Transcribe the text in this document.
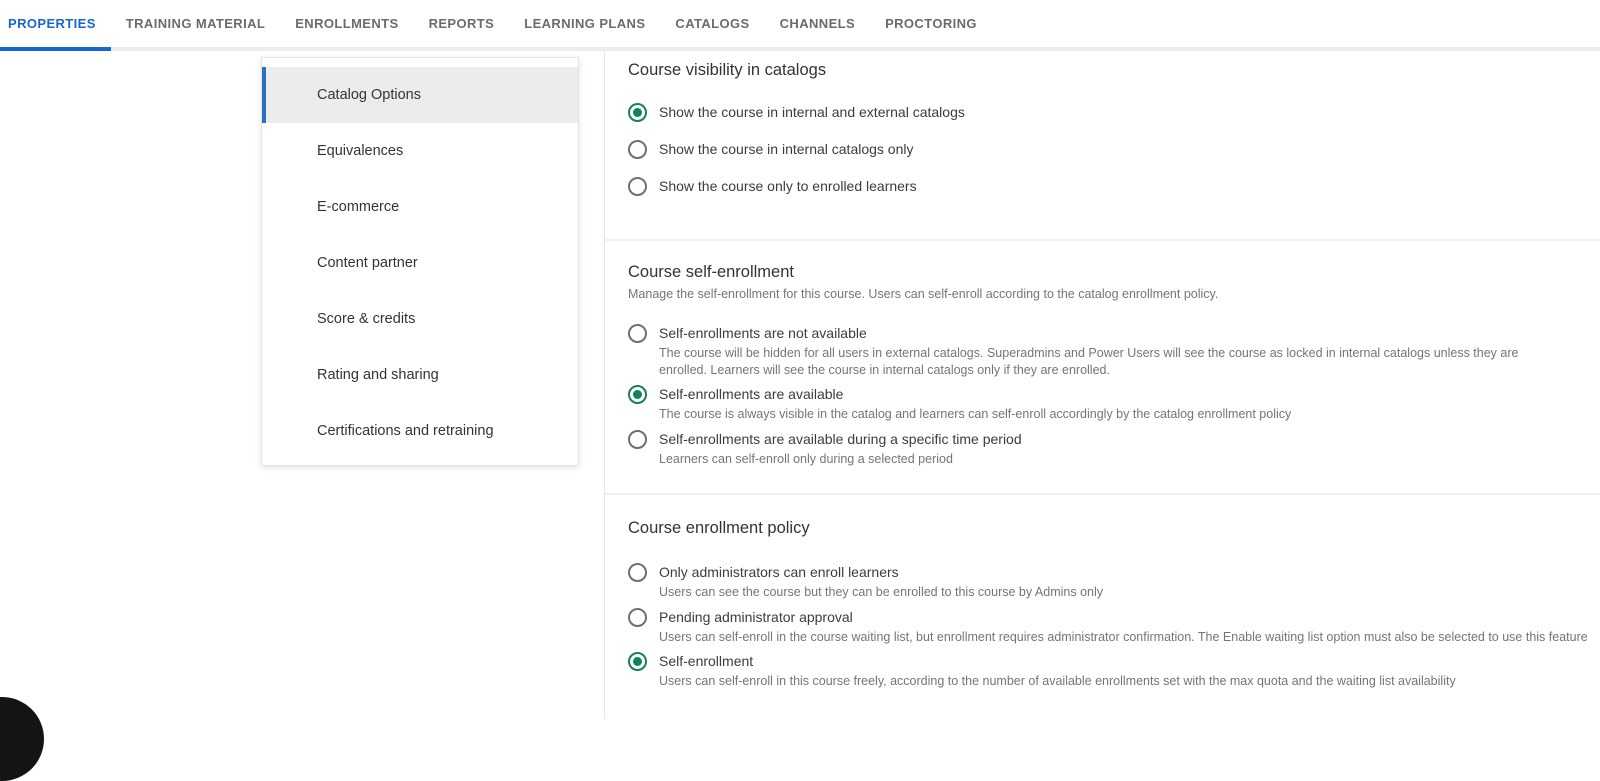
PROPERTIES	TRAINING MATERIAL	ENROLLMENTS	REPORTS	LEARNING PLANS	CATALOGS	CHANNELS	PROCTORING
Catalog Options
Equivalences
E-commerce
Content partner
Score & credits
Rating and sharing
Certifications and retraining
Course visibility in catalogs
Show the course in internal and external catalogs
Show the course in internal catalogs only
Show the course only to enrolled learners
Course self-enrollment
Manage the self-enrollment for this course. Users can self-enroll according to the catalog enrollment policy.
Self-enrollments are not available
The course will be hidden for all users in external catalogs. Superadmins and Power Users will see the course as locked in internal catalogs unless they are enrolled. Learners will see the course in internal catalogs only if they are enrolled.
Self-enrollments are available
The course is always visible in the catalog and learners can self-enroll accordingly by the catalog enrollment policy
Self-enrollments are available during a specific time period
Learners can self-enroll only during a selected period
Course enrollment policy
Only administrators can enroll learners
Users can see the course but they can be enrolled to this course by Admins only
Pending administrator approval
Users can self-enroll in the course waiting list, but enrollment requires administrator confirmation. The Enable waiting list option must also be selected to use this feature
Self-enrollment
Users can self-enroll in this course freely, according to the number of available enrollments set with the max quota and the waiting list availability
